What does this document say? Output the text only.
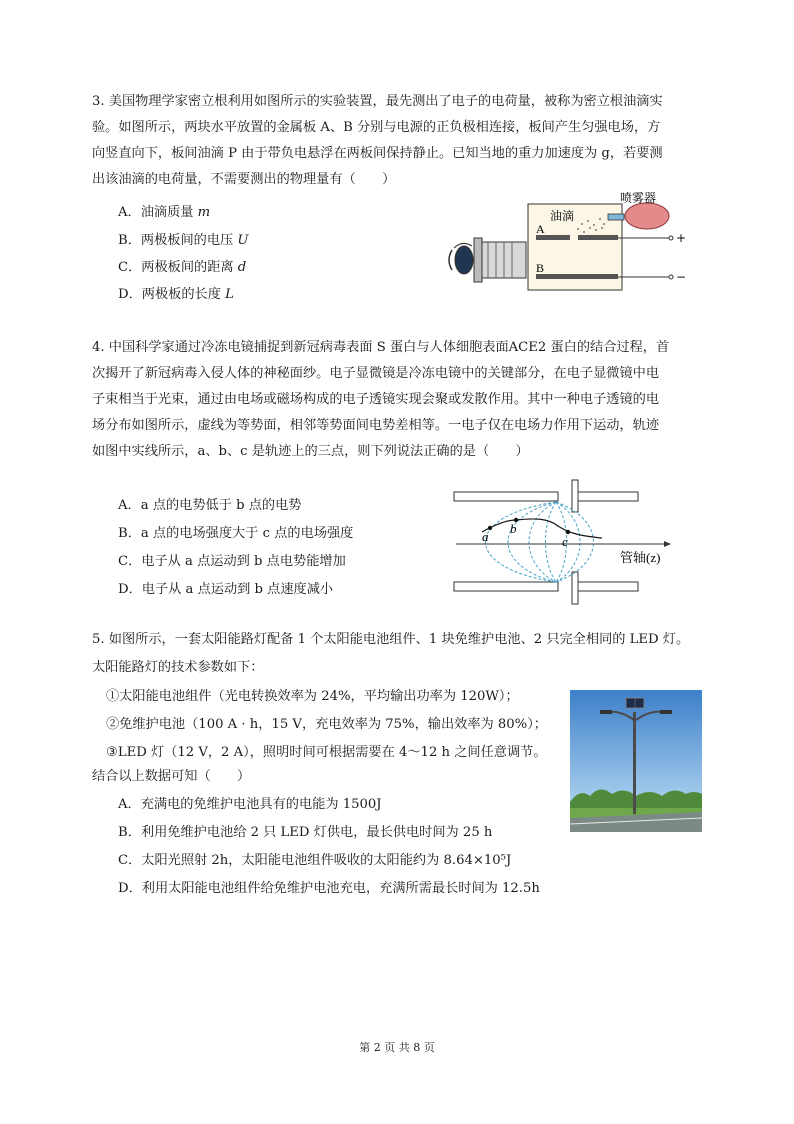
3. 美国物理学家密立根利用如图所示的实验装置，最先测出了电子的电荷量，被称为密立根油滴实
验。如图所示，两块水平放置的金属板 A、B 分别与电源的正负极相连接，板间产生匀强电场，方
向竖直向下，板间油滴 P 由于带负电悬浮在两板间保持静止。已知当地的重力加速度为 g，若要测
出该油滴的电荷量，不需要测出的物理量有（　　）
A．油滴质量 m
B．两极板间的电压 U
C．两极板间的距离 d
D．两极板的长度 L
A
B
+
−
喷雾器
油滴
4. 中国科学家通过冷冻电镜捕捉到新冠病毒表面 S 蛋白与人体细胞表面ACE2 蛋白的结合过程，首
次揭开了新冠病毒入侵人体的神秘面纱。电子显微镜是冷冻电镜中的关键部分，在电子显微镜中电
子束相当于光束，通过由电场或磁场构成的电子透镜实现会聚或发散作用。其中一种电子透镜的电
场分布如图所示，虚线为等势面，相邻等势面间电势差相等。一电子仅在电场力作用下运动，轨迹
如图中实线所示，a、b、c 是轨迹上的三点，则下列说法正确的是（　　）
A．a 点的电势低于 b 点的电势
B．a 点的电场强度大于 c 点的电场强度
C．电子从 a 点运动到 b 点电势能增加
D．电子从 a 点运动到 b 点速度减小
管轴(z)
a
b
c
5. 如图所示，一套太阳能路灯配备 1 个太阳能电池组件、1 块免维护电池、2 只完全相同的 LED 灯。
太阳能路灯的技术参数如下：
①太阳能电池组件（光电转换效率为 24%，平均输出功率为 120W）；
②免维护电池（100 A · h，15 V，充电效率为 75%，输出效率为 80%）；
③LED 灯（12 V，2 A），照明时间可根据需要在 4～12 h 之间任意调节。
结合以上数据可知（　　）
A．充满电的免维护电池具有的电能为 1500J
B．利用免维护电池给 2 只 LED 灯供电，最长供电时间为 25 h
C．太阳光照射 2h，太阳能电池组件吸收的太阳能约为 8.64×10⁵J
D．利用太阳能电池组件给免维护电池充电，充满所需最长时间为 12.5h
第 2 页 共 8 页
